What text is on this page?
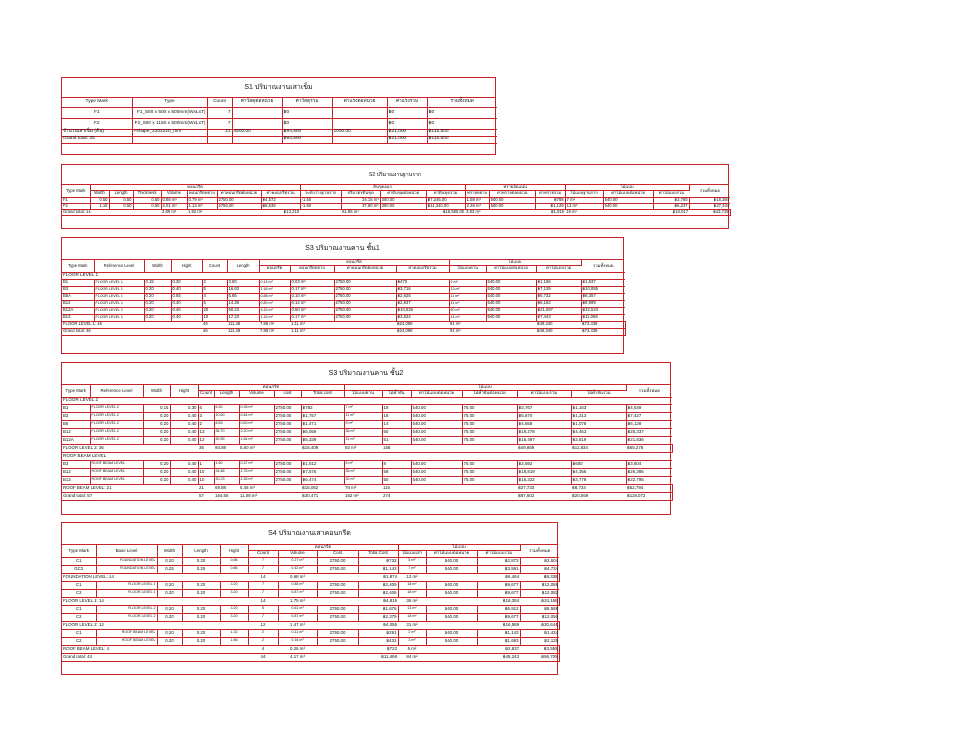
S1 ปริมาณงานเสาเข็ม
Type Mark	Type	Count	ค่าวัสดุต่อหน่วย	ค่าวัสดุรวม	ค่าแรงต่อหน่วย	ค่าแรงรวม	รวมทั้งหมด
F1	F1_500 x 500 x 500mm(WxLxT)	7		฿0		฿0	฿0
F2	F2_500 x 1150 x 500mm(WxLxT)	7		฿0		฿0	฿0
จำนวนเสาเข็ม (ต้น)	I-shape_220x220_mm	21	4500.00	฿94,500	1000.00	฿21,000	฿115,500
Grand total: 35				฿94,500		฿21,000	฿115,500
S2 ปริมาณงานฐานราก
Type Mark	คอนกรีต							ดินขุดออก				ทรายอัดแน่น			ไม้แบบ			รวมทั้งหมด
	Width	Length	Thickness	Volume	คอนกรีตหยาบ	ค่าคอนกรีตต่อหน่วย	ค่าคอนกรีตรวม	ระดับวางฐานราก	ปริมาตรดินขุด	ค่าดินขุดต่อหน่วย	ค่าดินขุดรวม	ทรายหยาบ	ค่าทรายต่อหน่วย	ค่าทรายรวม	ไม้แบบฐานราก	ค่าไม้แบบต่อหน่วย	ค่าไม้แบบรวม	
F1	0.50	0.50	0.50	0.88 m³	0.79 m³	2750.00	฿4,572	-1.50	24.15 m³	300.00	฿7,245.00	1.58 m³	500.00	฿788	7 m²	540.00	฿3,780	฿16,384
F2	1.15	0.50	0.50	2.01 m³	1.13 m³	2750.00	฿8,638	-1.50	37.80 m³	300.00	฿11,340.00	2.26 m³	500.00	฿1,129	12 m²	540.00	฿6,237	฿27,344
Grand total: 14				2.89 m³	1.92 m³		฿13,210		61.95 m³		฿18,585.00	3.83 m³		฿1,916	19 m²		฿10,017	฿43,729
S3 ปริมาณงานคาน ชั้น1
Type Mark	Reference Level	Width	Hight	Count	Length	คอนกรีต				ไม้แบบ			รวมทั้งหมด
						คอนกรีต	คอนกรีตหยาบ	ค่าคอนกรีตต่อหน่วย	ค่าคอนกรีตรวม	ไม้แบบคาน	ค่าไม้แบบต่อหน่วย	ค่าไม้แบบรวม	
FLOOR LEVEL 1													
B1	FLOOR LEVEL 1	0.15	0.30	2	3.60	0.14 m³	0.03 m³	2750.00	฿470	2 m²	540.00	฿1,166	฿1,637
B3	FLOOR LEVEL 1	0.20	0.40	5	16.63	1.16 m³	0.17 m³	2750.00	฿3,716	13 m²	540.00	฿7,139	฿10,855
B5A	FLOOR LEVEL 1	0.20	0.55	4	5.86	0.88 m³	0.10 m³	2750.00	฿2,625	11 m²	540.00	฿5,732	฿8,357
B12	FLOOR LEVEL 1	0.20	0.40	5	14.28	0.80 m³	0.14 m³	2750.00	฿2,837	11 m²	540.00	฿6,162	฿8,999
B12A	FLOOR LEVEL 1	0.20	0.40	20	50.23	3.43 m³	0.50 m³	2750.00	฿10,826	40 m²	540.00	฿21,697	฿32,523
B13	FLOOR LEVEL 1	0.20	0.40	10	17.23	1.16 m³	0.17 m³	2750.00	฿3,624	14 m²	540.00	฿7,443	฿11,068
FLOOR LEVEL 1: 46				46	111.49	7.86 m³	1.11 m³		฿24,099	91 m²		฿49,340	฿73,438
Grand total: 46				46	111.49	7.86 m³	1.11 m³		฿24,099	91 m²		฿49,340	฿73,438
S3 ปริมาณงานคาน ชั้น2
Type Mark	Reference Level	Width	Hight	คอนกรีต					ไม้แบบ						รวมทั้งหมด
				Count	Length	Volume	cost	Total cost	ไม้แบบคาน	ไม้ค้ำยัน	ค่าไม้แบบต่อหน่วย	ไม้ค้ำยันต่อหน่วย	ค่าไม้แบบรวม	ไม้ค้ำยันรวม	
FLOOR LEVEL 2															
B1	FLOOR LEVEL 2	0.15	0.30	6	6.30	0.28 m³	2750.00	฿782	7 m²	18	540.00	75.00	฿3,767	฿1,163	฿4,549
B3	FLOOR LEVEL 2	0.20	0.40	3	10.60	0.64 m³	2750.00	฿1,757	11 m²	18	540.00	75.00	฿5,670	฿1,313	฿7,427
B6	FLOOR LEVEL 2	0.20	0.40	2	8.63	0.63 m³	2750.00	฿1,471	9 m²	14	540.00	75.00	฿4,658	฿1,078	฿6,128
B12	FLOOR LEVEL 2	0.20	0.40	13	36.70	2.20 m³	2750.00	฿6,059	36 m²	60	540.00	75.00	฿19,278	฿4,463	฿25,337
B12A	FLOOR LEVEL 2	0.20	0.40	12	30.55	1.84 m³	2750.00	฿5,339	31 m²	51	540.00	75.00	฿16,497	฿3,819	฿21,836
FLOOR LEVEL 2: 36				36	94.88	5.60 m³		฿15,409	92 m²	158			฿49,869	฿11,834	฿65,278
ROOF BEAM LEVEL															
B3	ROOF BEAM LEVEL	0.20	0.40	1	4.60	0.37 m³	2750.00	฿1,012	6 m²	8	540.00	75.00	฿2,692	฿600	฿3,604
B12	ROOF BEAM LEVEL	0.20	0.40	10	34.86	2.76 m³	2750.00	฿7,576	35 m²	58	540.00	75.00	฿18,819	฿4,356	฿26,395
B13	ROOF BEAM LEVEL	0.20	0.40	10	30.23	2.35 m³	2750.00	฿6,474	30 m²	50	540.00	75.00	฿16,322	฿3,778	฿22,795
ROOF BEAM LEVEL: 21				21	69.88	5.48 m³		฿15,062	70 m²	116			฿37,733	฿8,734	฿52,794
Grand total: 57				57	164.55	11.08 m³		฿30,471	162 m²	274			฿87,602	฿20,569	฿118,072
S4 ปริมาณงานเสาคอนกรีต
Type Mark	Base Level	Width	Length	Hight	คอนกรีต				ไม้แบบ			รวมทั้งหมด
					Count	Volume	Cost	Total Cost	ไม้แบบเสา	ค่าไม้แบบต่อหน่วย	ค่าไม้แบบรวม	
C1	FOUNDATION LEVEL	0.20	0.20	0.86	7	0.27 m³	2750.00	฿732	5 m²	540.00	฿2,873	฿3,604
GC2	FOUNDATION LEVEL	0.25	0.25	0.86	7	0.42 m³	2750.00	฿1,143	7 m²	540.00	฿3,591	฿4,734
FOUNDATION LEVEL: 14					14	0.68 m³		฿1,874	12 m²		฿6,464	฿8,338
C1	FLOOR LEVEL 1	0.20	0.20	3.20	7	0.88 m³	2750.00	฿2,409	18 m²	540.00	฿9,677	฿12,086
C2	FLOOR LEVEL 1	0.20	0.20	3.20	7	0.87 m³	2750.00	฿2,406	18 m²	540.00	฿9,677	฿12,082
FLOOR LEVEL 1: 14					14	1.75 m³		฿4,815	36 m²		฿19,354	฿24,168
C1	FLOOR LEVEL 2	0.20	0.20	3.20	5	0.61 m³	2750.00	฿1,676	13 m²	540.00	฿6,912	฿8,588
C2	FLOOR LEVEL 2	0.20	0.20	3.20	7	0.87 m³	2750.00	฿2,379	18 m²	540.00	฿9,677	฿12,056
FLOOR LEVEL 2: 12					12	1.47 m³		฿4,055	31 m²		฿16,589	฿20,644
C1	ROOF BEAM LEVEL	0.20	0.20	1.32	2	0.11 m³	2750.00	฿291	2 m²	540.00	฿1,143	฿1,434
C2	ROOF BEAM LEVEL	0.20	0.20	1.66	2	0.16 m³	2750.00	฿431	3 m²	540.00	฿1,693	฿2,125
ROOF BEAM LEVEL: 4					4	0.26 m³		฿722	5 m²		฿2,837	฿3,559
Grand total: 44					44	4.17 m³		฿11,466	84 m²		฿45,243	฿56,709
